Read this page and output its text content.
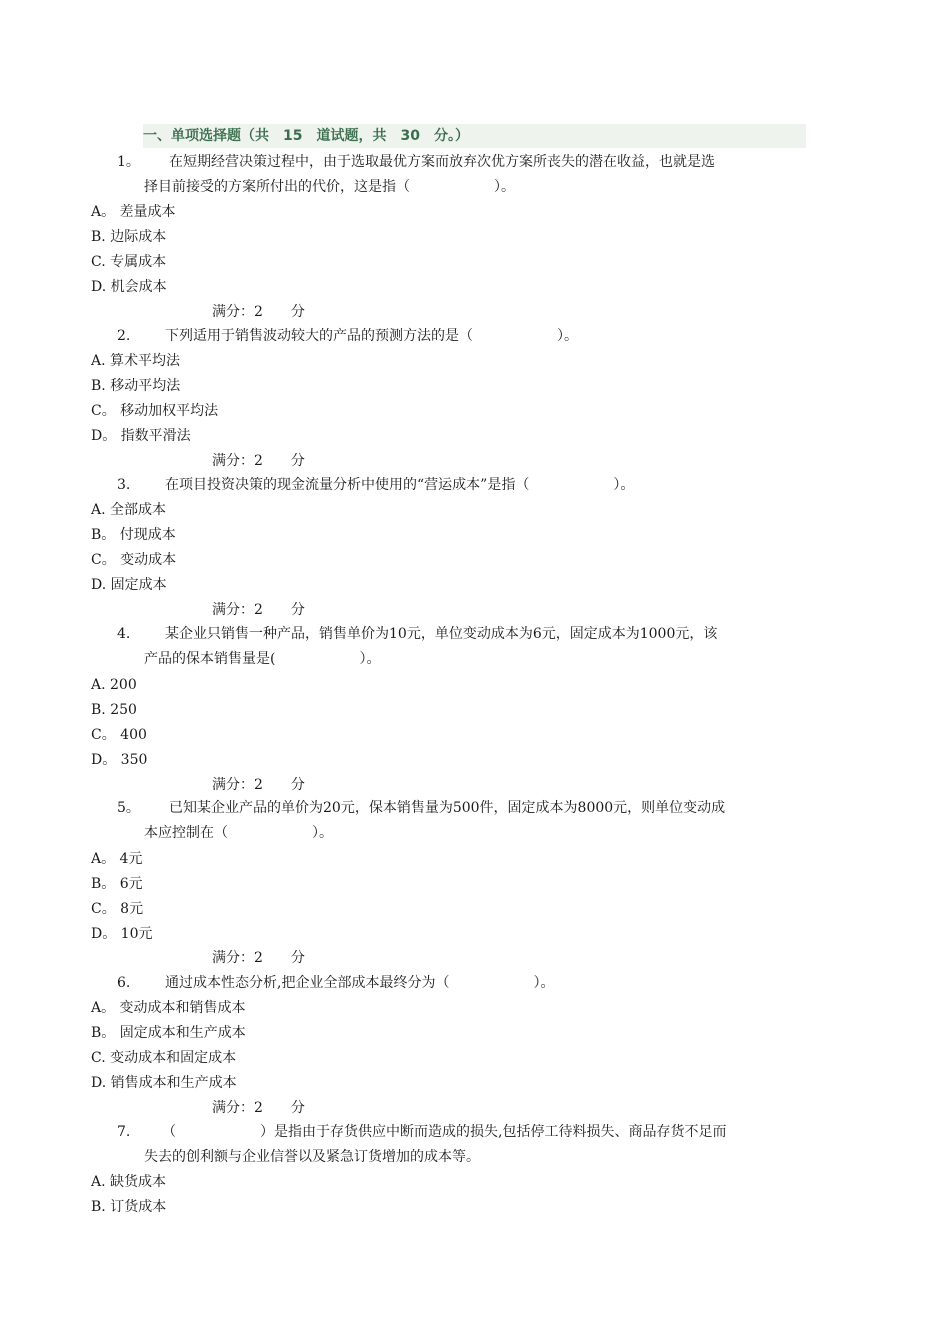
一、单项选择题（共　15　道试题，共　30　分。）
1。 　在短期经营决策过程中，由于选取最优方案而放弃次优方案所丧失的潜在收益，也就是选
择目前接受的方案所付出的代价，这是指（　　　　　　）。
A。 差量成本
B. 边际成本
C. 专属成本
D. 机会成本
满分：2　　分
2. 下列适用于销售波动较大的产品的预测方法的是（　　　　　　）。
A. 算术平均法
B. 移动平均法
C。 移动加权平均法
D。 指数平滑法
满分：2　　分
3. 在项目投资决策的现金流量分析中使用的“营运成本”是指（　　　　　　）。
A. 全部成本
B。 付现成本
C。 变动成本
D. 固定成本
满分：2　　分
4. 某企业只销售一种产品，销售单价为10元，单位变动成本为6元，固定成本为1000元，该
产品的保本销售量是(　　　　　　）。
A. 200
B. 250
C。 400
D。 350
满分：2　　分
5。 　已知某企业产品的单价为20元，保本销售量为500件，固定成本为8000元，则单位变动成
本应控制在（　　　　　　）。
A。 4元
B。 6元
C。 8元
D。 10元
满分：2　　分
6. 通过成本性态分析,把企业全部成本最终分为（　　　　　　）。
A。 变动成本和销售成本
B。 固定成本和生产成本
C. 变动成本和固定成本
D. 销售成本和生产成本
满分：2　　分
7. 　（　　　　　　）是指由于存货供应中断而造成的损失,包括停工待料损失、商品存货不足而
失去的创利额与企业信誉以及紧急订货增加的成本等。
A. 缺货成本
B. 订货成本
